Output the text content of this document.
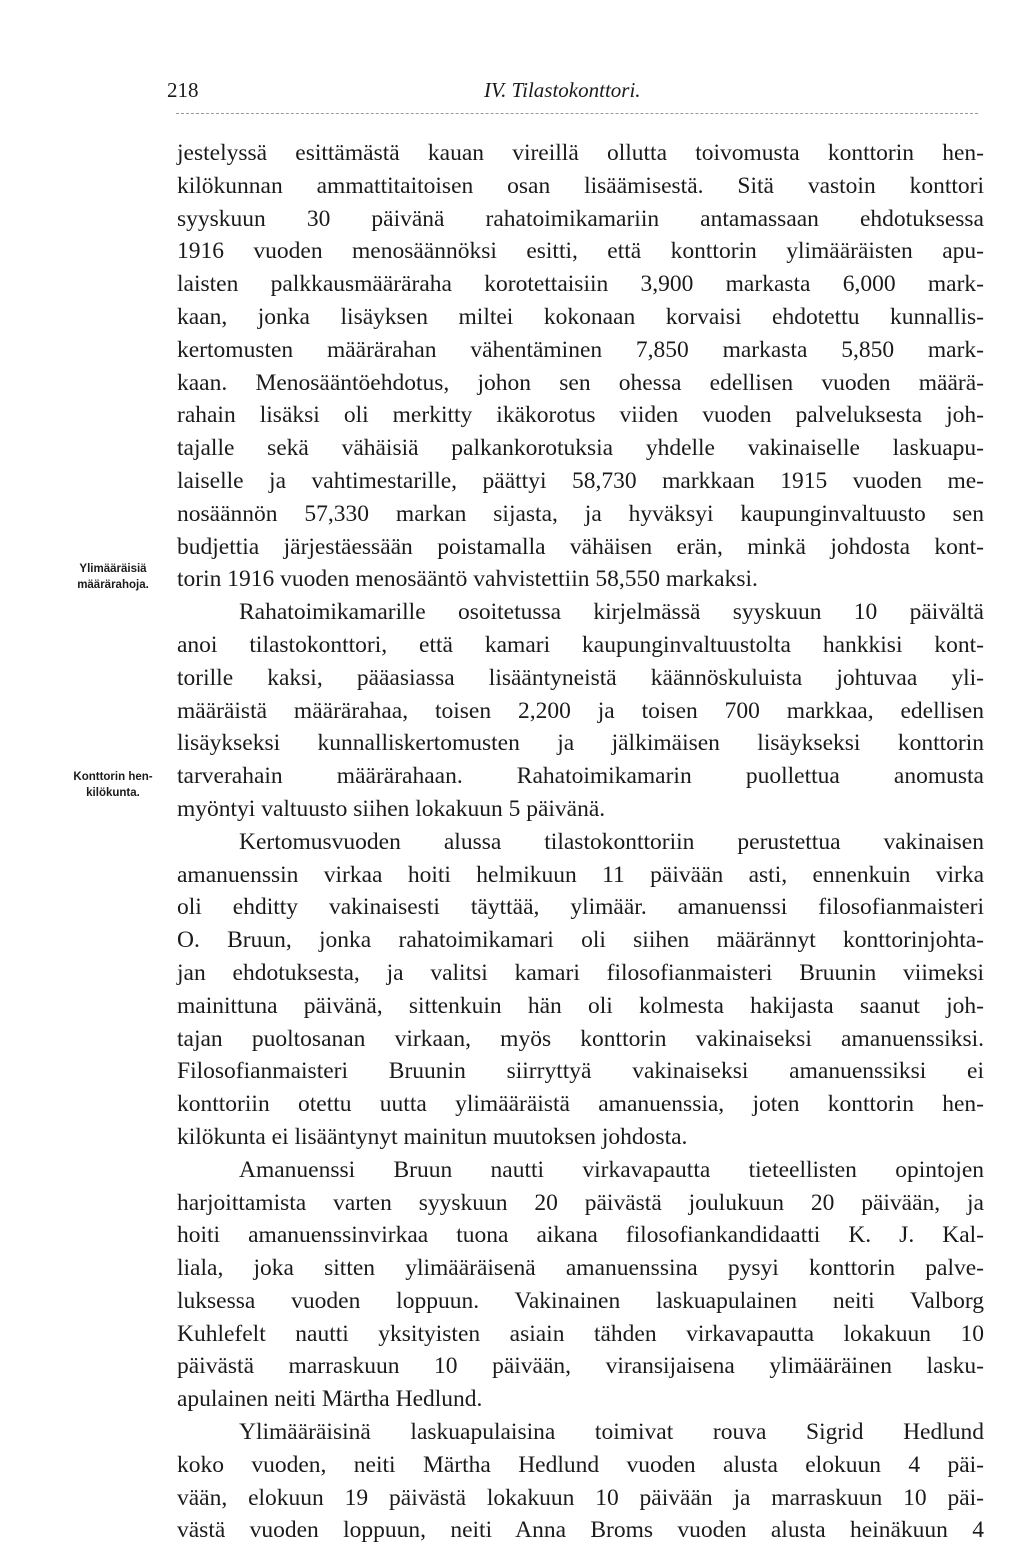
218	IV. Tilastokonttori.
Ylimääräisiä
määrärahoja.
Konttorin hen-
kilökunta.
jestelyssä esittämästä kauan vireillä ollutta toivomusta konttorin hen-
kilökunnan ammattitaitoisen osan lisäämisestä. Sitä vastoin konttori
syyskuun 30 päivänä rahatoimikamariin antamassaan ehdotuksessa
1916 vuoden menosäännöksi esitti, että konttorin ylimääräisten apu-
laisten palkkausmääräraha korotettaisiin 3,900 markasta 6,000 mark-
kaan, jonka lisäyksen miltei kokonaan korvaisi ehdotettu kunnallis-
kertomusten määrärahan vähentäminen 7,850 markasta 5,850 mark-
kaan. Menosääntöehdotus, johon sen ohessa edellisen vuoden määrä-
rahain lisäksi oli merkitty ikäkorotus viiden vuoden palveluksesta joh-
tajalle sekä vähäisiä palkankorotuksia yhdelle vakinaiselle laskuapu-
laiselle ja vahtimestarille, päättyi 58,730 markkaan 1915 vuoden me-
nosäännön 57,330 markan sijasta, ja hyväksyi kaupunginvaltuusto sen
budjettia järjestäessään poistamalla vähäisen erän, minkä johdosta kont-
torin 1916 vuoden menosääntö vahvistettiin 58,550 markaksi.
Rahatoimikamarille osoitetussa kirjelmässä syyskuun 10 päivältä
anoi tilastokonttori, että kamari kaupunginvaltuustolta hankkisi kont-
torille kaksi, pääasiassa lisääntyneistä käännöskuluista johtuvaa yli-
määräistä määrärahaa, toisen 2,200 ja toisen 700 markkaa, edellisen
lisäykseksi kunnalliskertomusten ja jälkimäisen lisäykseksi konttorin
tarverahain määrärahaan. Rahatoimikamarin puollettua anomusta
myöntyi valtuusto siihen lokakuun 5 päivänä.
Kertomusvuoden alussa tilastokonttoriin perustettua vakinaisen
amanuenssin virkaa hoiti helmikuun 11 päivään asti, ennenkuin virka
oli ehditty vakinaisesti täyttää, ylimäär. amanuenssi filosofianmaisteri
O. Bruun, jonka rahatoimikamari oli siihen määrännyt konttorinjohta-
jan ehdotuksesta, ja valitsi kamari filosofianmaisteri Bruunin viimeksi
mainittuna päivänä, sittenkuin hän oli kolmesta hakijasta saanut joh-
tajan puoltosanan virkaan, myös konttorin vakinaiseksi amanuenssiksi.
Filosofianmaisteri Bruunin siirryttyä vakinaiseksi amanuenssiksi ei
konttoriin otettu uutta ylimääräistä amanuenssia, joten konttorin hen-
kilökunta ei lisääntynyt mainitun muutoksen johdosta.
Amanuenssi Bruun nautti virkavapautta tieteellisten opintojen
harjoittamista varten syyskuun 20 päivästä joulukuun 20 päivään, ja
hoiti amanuenssinvirkaa tuona aikana filosofiankandidaatti K. J. Kal-
liala, joka sitten ylimääräisenä amanuenssina pysyi konttorin palve-
luksessa vuoden loppuun. Vakinainen laskuapulainen neiti Valborg
Kuhlefelt nautti yksityisten asiain tähden virkavapautta lokakuun 10
päivästä marraskuun 10 päivään, viransijaisena ylimääräinen lasku-
apulainen neiti Märtha Hedlund.
Ylimääräisinä laskuapulaisina toimivat rouva Sigrid Hedlund
koko vuoden, neiti Märtha Hedlund vuoden alusta elokuun 4 päi-
vään, elokuun 19 päivästä lokakuun 10 päivään ja marraskuun 10 päi-
västä vuoden loppuun, neiti Anna Broms vuoden alusta heinäkuun 4
